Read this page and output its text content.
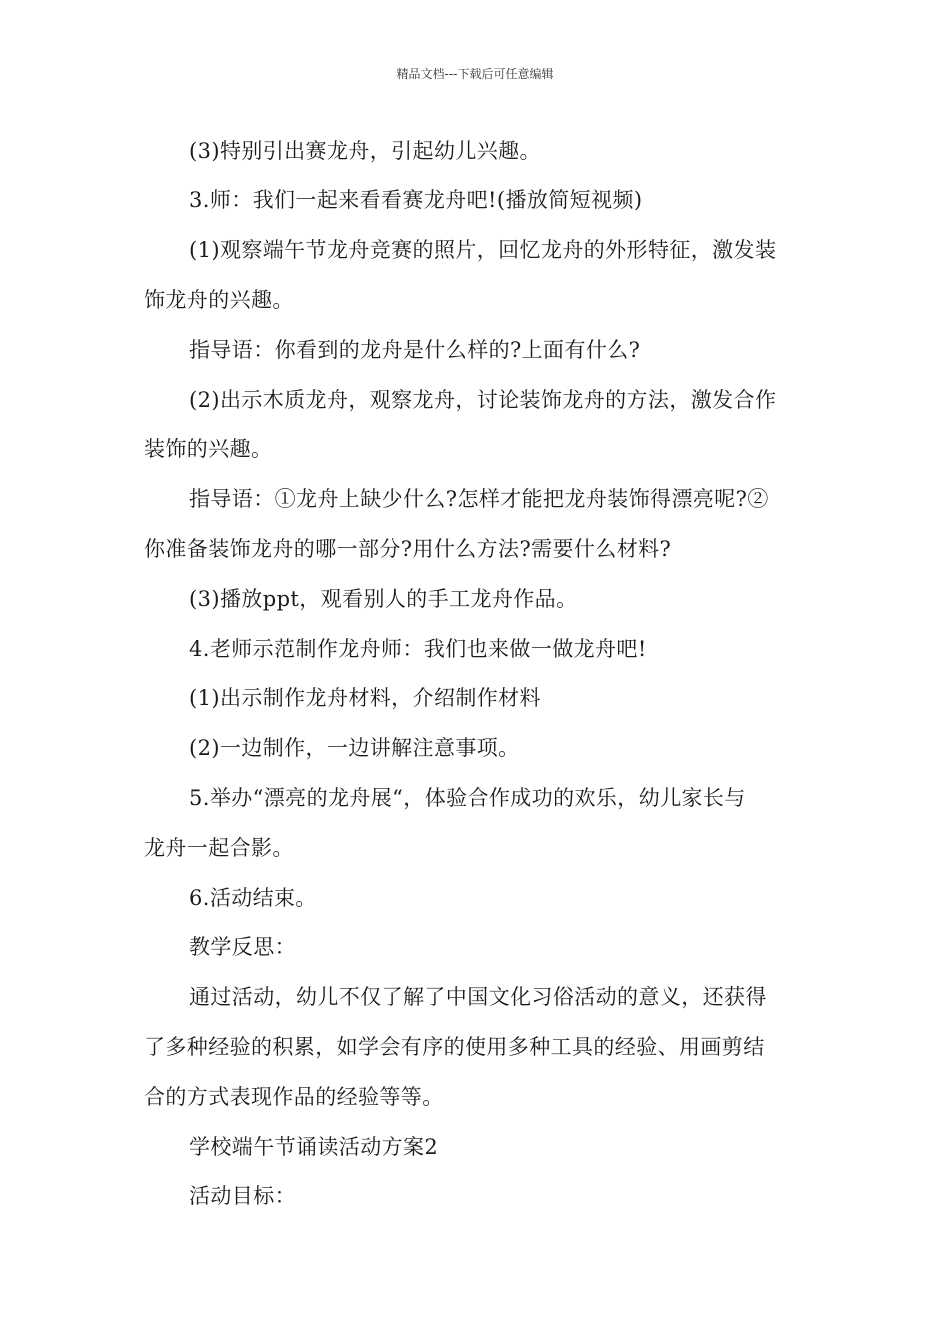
精品文档---下载后可任意编辑
(3)特别引出赛龙舟，引起幼儿兴趣。
3.师：我们一起来看看赛龙舟吧!(播放简短视频)
(1)观察端午节龙舟竞赛的照片，回忆龙舟的外形特征，激发装
饰龙舟的兴趣。
指导语：你看到的龙舟是什么样的?上面有什么?
(2)出示木质龙舟，观察龙舟，讨论装饰龙舟的方法，激发合作
装饰的兴趣。
指导语：①龙舟上缺少什么?怎样才能把龙舟装饰得漂亮呢?②
你准备装饰龙舟的哪一部分?用什么方法?需要什么材料?
(3)播放ppt，观看别人的手工龙舟作品。
4.老师示范制作龙舟师：我们也来做一做龙舟吧!
(1)出示制作龙舟材料，介绍制作材料
(2)一边制作，一边讲解注意事项。
5.举办“漂亮的龙舟展“，体验合作成功的欢乐，幼儿家长与
龙舟一起合影。
6.活动结束。
教学反思：
通过活动，幼儿不仅了解了中国文化习俗活动的意义，还获得
了多种经验的积累，如学会有序的使用多种工具的经验、用画剪结
合的方式表现作品的经验等等。
学校端午节诵读活动方案2
活动目标：
